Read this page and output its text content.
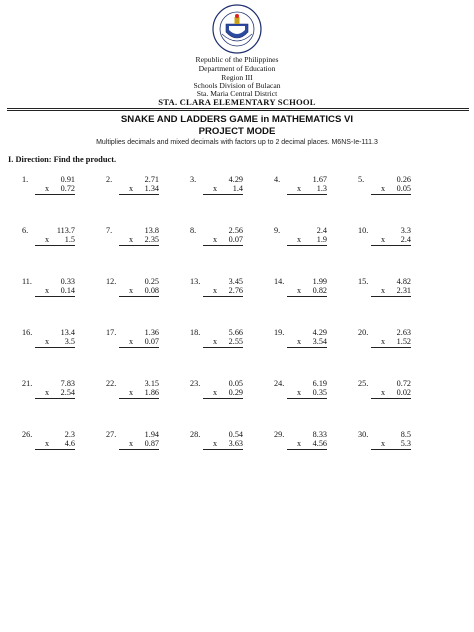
Republic of the Philippines
Department of Education
Region III
Schools Division of Bulacan
Sta. Maria Central District
STA. CLARA ELEMENTARY SCHOOL
SNAKE AND LADDERS GAME in MATHEMATICS VI
PROJECT MODE
Multiplies decimals and mixed decimals with factors up to 2 decimal places. M6NS-Ie-111.3
I. Direction: Find the product.
1.	0.91
x 0.72
2.	2.71
x 1.34
3.	4.29
x 1.4
4.	1.67
x 1.3
5.	0.26
x 0.05
6.	113.7
x 1.5
7.	13.8
x 2.35
8.	2.56
x 0.07
9.	2.4
x 1.9
10.	3.3
x 2.4
11.	0.33
x 0.14
12.	0.25
x 0.08
13.	3.45
x 2.76
14.	1.99
x 0.82
15.	4.82
x 2.31
16.	13.4
x 3.5
17.	1.36
x 0.07
18.	5.66
x 2.55
19.	4.29
x 3.54
20.	2.63
x 1.52
21.	7.83
x 2.54
22.	3.15
x 1.86
23.	0.05
x 0.29
24.	6.19
x 0.35
25.	0.72
x 0.02
26.	2.3
x 4.6
27.	1.94
x 0.87
28.	0.54
x 3.63
29.	8.33
x 4.56
30.	8.5
x 5.3
